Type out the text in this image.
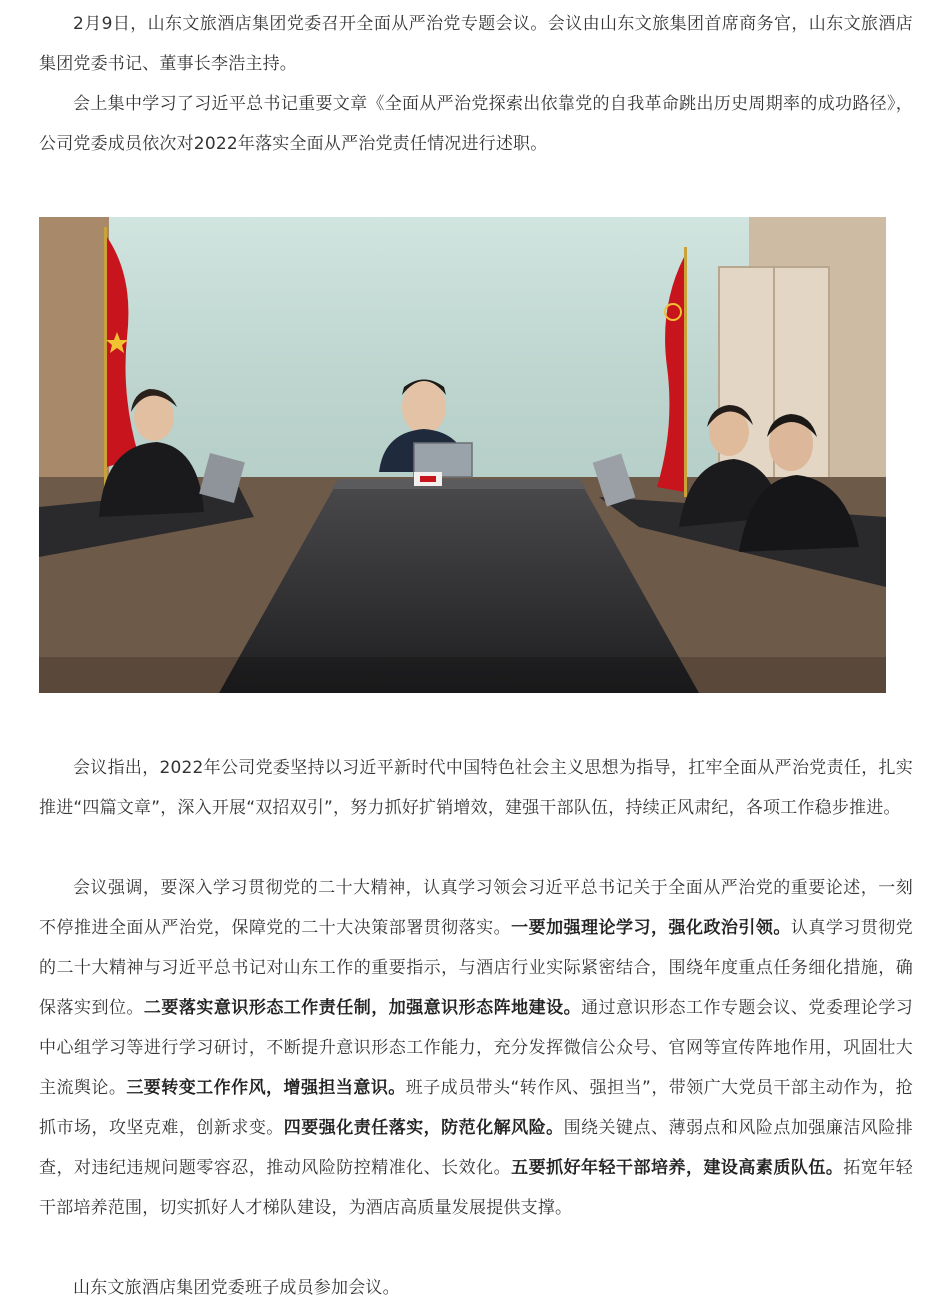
2月9日，山东文旅酒店集团党委召开全面从严治党专题会议。会议由山东文旅集团首席商务官，山东文旅酒店集团党委书记、董事长李浩主持。

会上集中学习了习近平总书记重要文章《全面从严治党探索出依靠党的自我革命跳出历史周期率的成功路径》，公司党委成员依次对2022年落实全面从严治党责任情况进行述职。

会议指出，2022年公司党委坚持以习近平新时代中国特色社会主义思想为指导，扛牢全面从严治党责任，扎实推进“四篇文章”，深入开展“双招双引”，努力抓好扩销增效，建强干部队伍，持续正风肃纪，各项工作稳步推进。

会议强调，要深入学习贯彻党的二十大精神，认真学习领会习近平总书记关于全面从严治党的重要论述，一刻不停推进全面从严治党，保障党的二十大决策部署贯彻落实。一要加强理论学习，强化政治引领。认真学习贯彻党的二十大精神与习近平总书记对山东工作的重要指示，与酒店行业实际紧密结合，围绕年度重点任务细化措施，确保落实到位。二要落实意识形态工作责任制，加强意识形态阵地建设。通过意识形态工作专题会议、党委理论学习中心组学习等进行学习研讨，不断提升意识形态工作能力，充分发挥微信公众号、官网等宣传阵地作用，巩固壮大主流舆论。三要转变工作作风，增强担当意识。班子成员带头“转作风、强担当”，带领广大党员干部主动作为，抢抓市场，攻坚克难，创新求变。四要强化责任落实，防范化解风险。围绕关键点、薄弱点和风险点加强廉洁风险排查，对违纪违规问题零容忍，推动风险防控精准化、长效化。五要抓好年轻干部培养，建设高素质队伍。拓宽年轻干部培养范围，切实抓好人才梯队建设，为酒店高质量发展提供支撑。

山东文旅酒店集团党委班子成员参加会议。
